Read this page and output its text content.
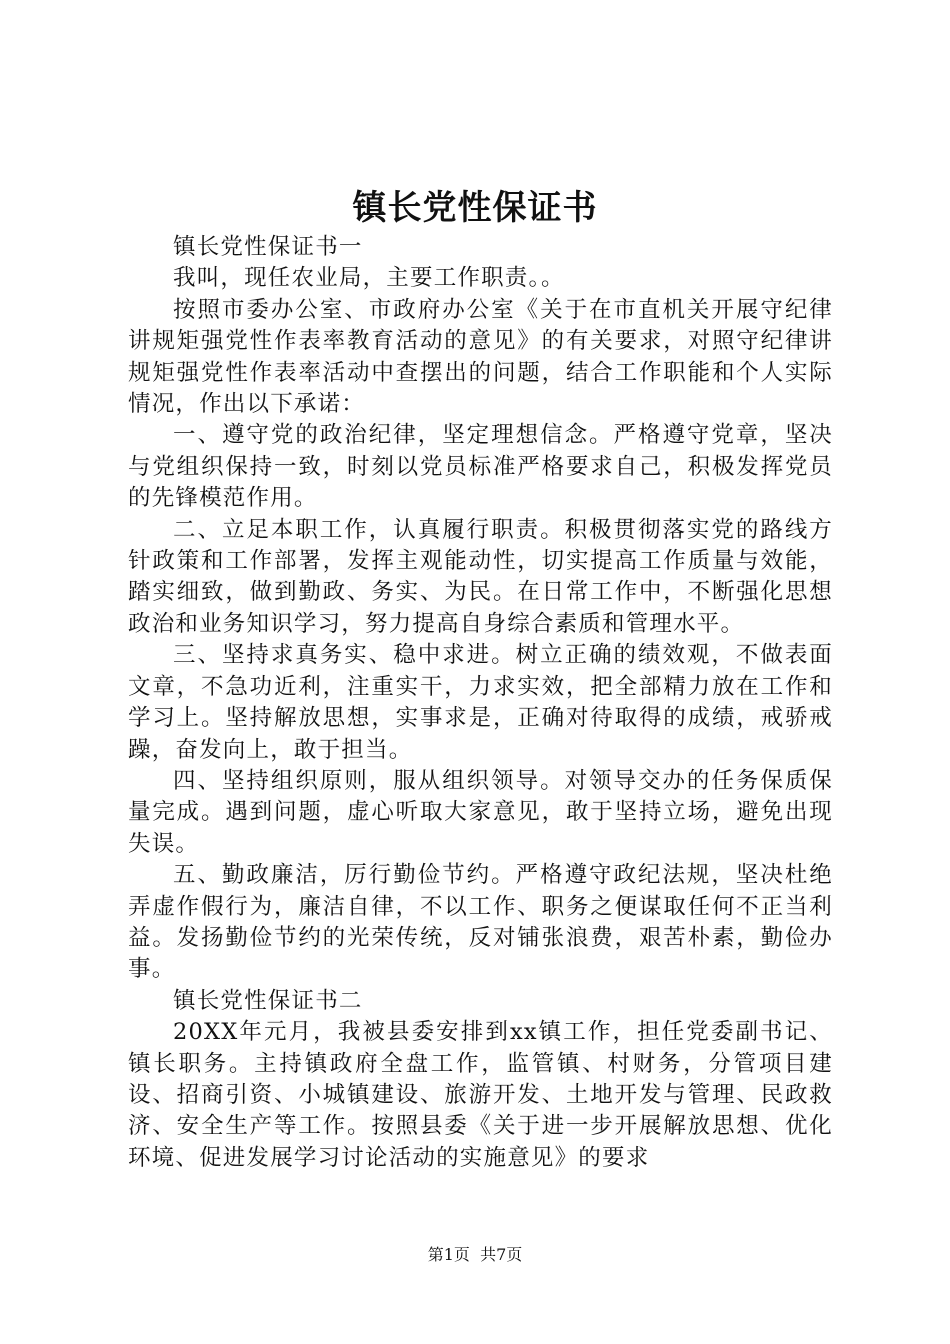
镇长党性保证书

镇长党性保证书一

我叫，现任农业局，主要工作职责。。

按照市委办公室、市政府办公室《关于在市直机关开展守纪律讲规矩强党性作表率教育活动的意见》的有关要求，对照守纪律讲规矩强党性作表率活动中查摆出的问题，结合工作职能和个人实际情况，作出以下承诺：

一、遵守党的政治纪律，坚定理想信念。严格遵守党章，坚决与党组织保持一致，时刻以党员标准严格要求自己，积极发挥党员的先锋模范作用。

二、立足本职工作，认真履行职责。积极贯彻落实党的路线方针政策和工作部署，发挥主观能动性，切实提高工作质量与效能，踏实细致，做到勤政、务实、为民。在日常工作中，不断强化思想政治和业务知识学习，努力提高自身综合素质和管理水平。

三、坚持求真务实、稳中求进。树立正确的绩效观，不做表面文章，不急功近利，注重实干，力求实效，把全部精力放在工作和学习上。坚持解放思想，实事求是，正确对待取得的成绩，戒骄戒躁，奋发向上，敢于担当。

四、坚持组织原则，服从组织领导。对领导交办的任务保质保量完成。遇到问题，虚心听取大家意见，敢于坚持立场，避免出现失误。

五、勤政廉洁，厉行勤俭节约。严格遵守政纪法规，坚决杜绝弄虚作假行为，廉洁自律，不以工作、职务之便谋取任何不正当利益。发扬勤俭节约的光荣传统，反对铺张浪费，艰苦朴素，勤俭办事。

镇长党性保证书二

20XX年元月，我被县委安排到xx镇工作，担任党委副书记、镇长职务。主持镇政府全盘工作，监管镇、村财务，分管项目建设、招商引资、小城镇建设、旅游开发、土地开发与管理、民政救济、安全生产等工作。按照县委《关于进一步开展解放思想、优化环境、促进发展学习讨论活动的实施意见》的要求

第1页  共7页
